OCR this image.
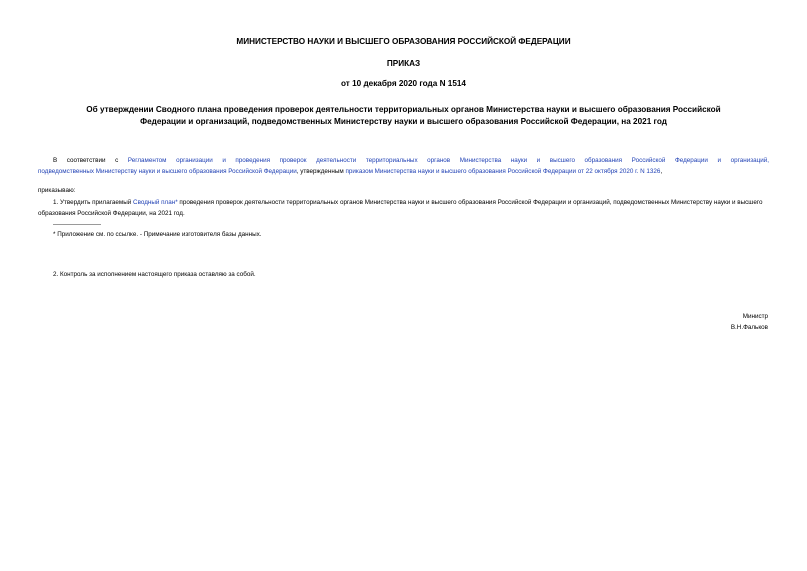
МИНИСТЕРСТВО НАУКИ И ВЫСШЕГО ОБРАЗОВАНИЯ РОССИЙСКОЙ ФЕДЕРАЦИИ
ПРИКАЗ
от 10 декабря 2020 года N 1514
Об утверждении Сводного плана проведения проверок деятельности территориальных органов Министерства науки и высшего образования Российской
Федерации и организаций, подведомственных Министерству науки и высшего образования Российской Федерации, на 2021 год
В соответствии с Регламентом организации и проведения проверок деятельности территориальных органов Министерства науки и высшего образования Российской Федерации и организаций,
подведомственных Министерству науки и высшего образования Российской Федерации, утвержденным приказом Министерства науки и высшего образования Российской Федерации от 22 октября 2020 г. N 1326,
приказываю:
1. Утвердить прилагаемый Сводный план* проведения проверок деятельности территориальных органов Министерства науки и высшего образования Российской Федерации и организаций, подведомственных Министерству науки и высшего образования Российской Федерации, на 2021 год.
* Приложение см. по ссылке. - Примечание изготовителя базы данных.
2. Контроль за исполнением настоящего приказа оставляю за собой.
Министр
В.Н.Фальков
